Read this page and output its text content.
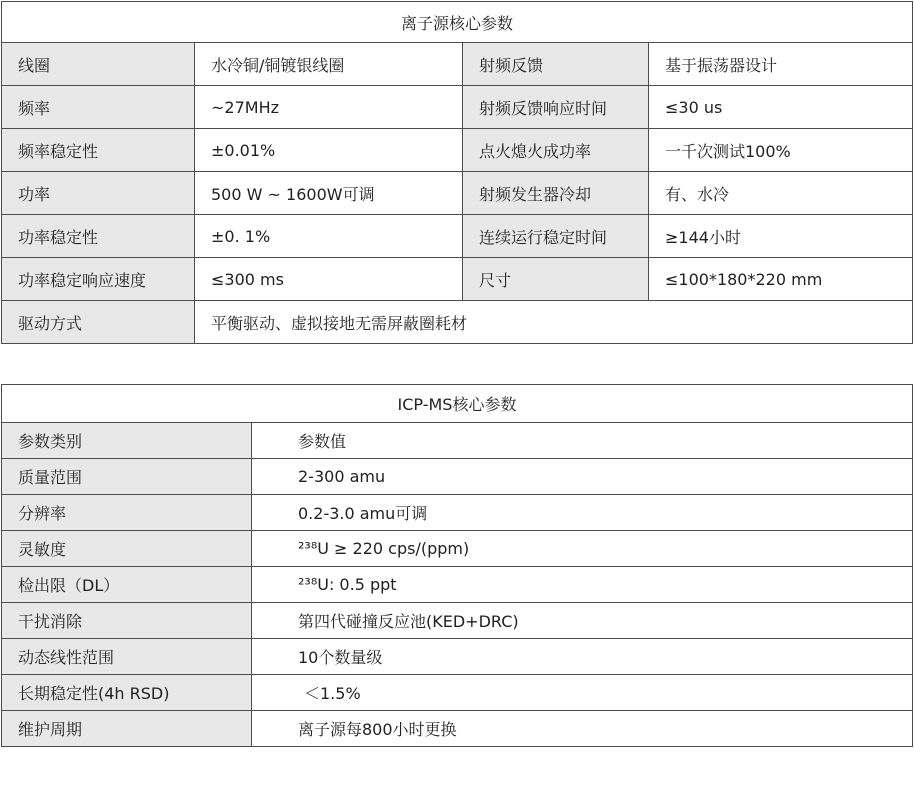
离子源核心参数			
线圈	水冷铜/铜镀银线圈	射频反馈	基于振荡器设计
频率	~27MHz	射频反馈响应时间	≤30 us
频率稳定性	±0.01%	点火熄火成功率	一千次测试100%
功率	500 W ~ 1600W可调	射频发生器冷却	有、水冷
功率稳定性	±0. 1%	连续运行稳定时间	≥144小时
功率稳定响应速度	≤300 ms	尺寸	≤100*180*220 mm
驱动方式	平衡驱动、虚拟接地无需屏蔽圈耗材		
ICP-MS核心参数	
参数类别	参数值
质量范围	2-300 amu
分辨率	0.2-3.0 amu可调
灵敏度	²³⁸U ≥ 220 cps/(ppm)
检出限（DL）	²³⁸U: 0.5 ppt
干扰消除	第四代碰撞反应池(KED+DRC)
动态线性范围	10个数量级
长期稳定性(4h RSD)	＜1.5%
维护周期	离子源每800小时更换
